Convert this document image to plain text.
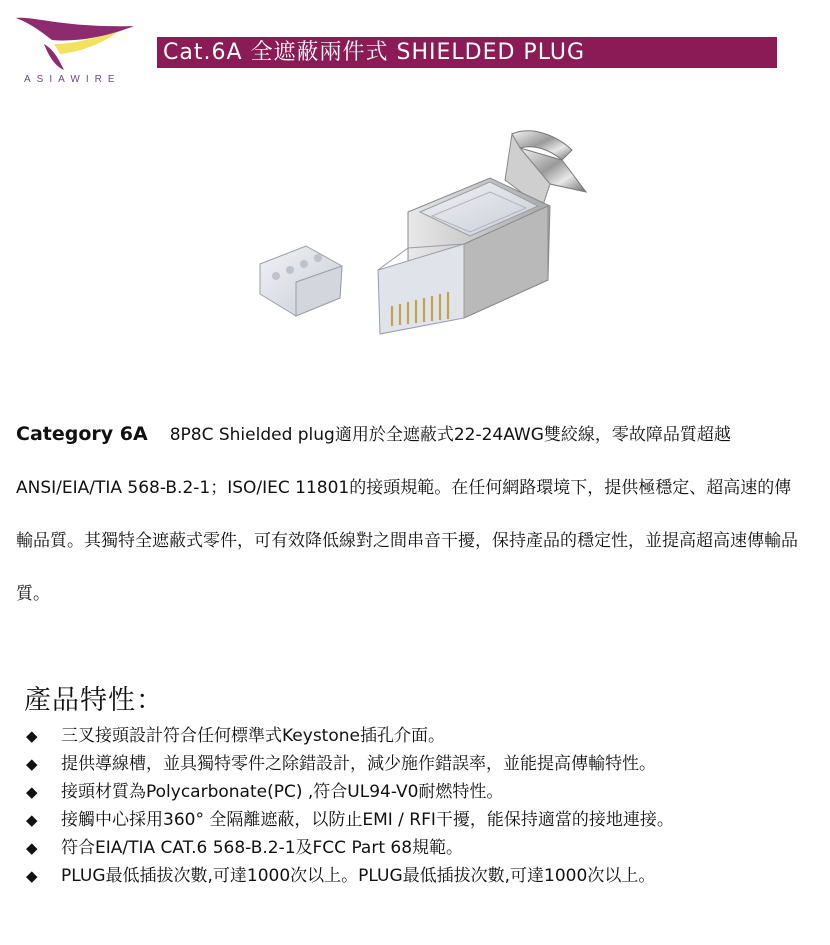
ASIAWIRE
Cat.6A 全遮蔽兩件式 SHIELDED PLUG

Category 6A 8P8C Shielded plug適用於全遮蔽式22-24AWG雙絞線，零故障品質超越ANSI/EIA/TIA 568-B.2-1；ISO/IEC 11801的接頭規範。在任何網路環境下，提供極穩定、超高速的傳輸品質。其獨特全遮蔽式零件，可有效降低線對之間串音干擾，保持產品的穩定性，並提高超高速傳輸品質。

產品特性：
◆ 三叉接頭設計符合任何標準式Keystone插孔介面。
◆ 提供導線槽，並具獨特零件之除錯設計，減少施作錯誤率，並能提高傳輸特性。
◆ 接頭材質為Polycarbonate(PC) ,符合UL94-V0耐燃特性。
◆ 接觸中心採用360° 全隔離遮蔽，以防止EMI / RFI干擾，能保持適當的接地連接。
◆ 符合EIA/TIA CAT.6 568-B.2-1及FCC Part 68規範。
◆ PLUG最低插拔次數,可達1000次以上。PLUG最低插拔次數,可達1000次以上。
